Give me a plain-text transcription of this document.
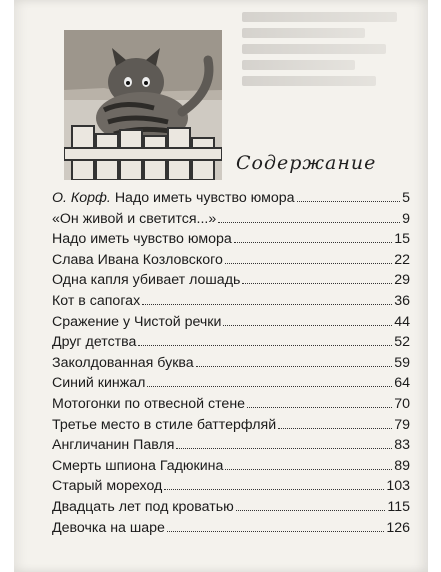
Содержание
О. Корф. Надо иметь чувство юмора	5
«Он живой и светится...»	9
Надо иметь чувство юмора	15
Слава Ивана Козловского	22
Одна капля убивает лошадь	29
Кот в сапогах	36
Сражение у Чистой речки	44
Друг детства	52
Заколдованная буква	59
Синий кинжал	64
Мотогонки по отвесной стене	70
Третье место в стиле баттерфляй	79
Англичанин Павля	83
Смерть шпиона Гадюкина	89
Старый мореход	103
Двадцать лет под кроватью	115
Девочка на шаре	126
